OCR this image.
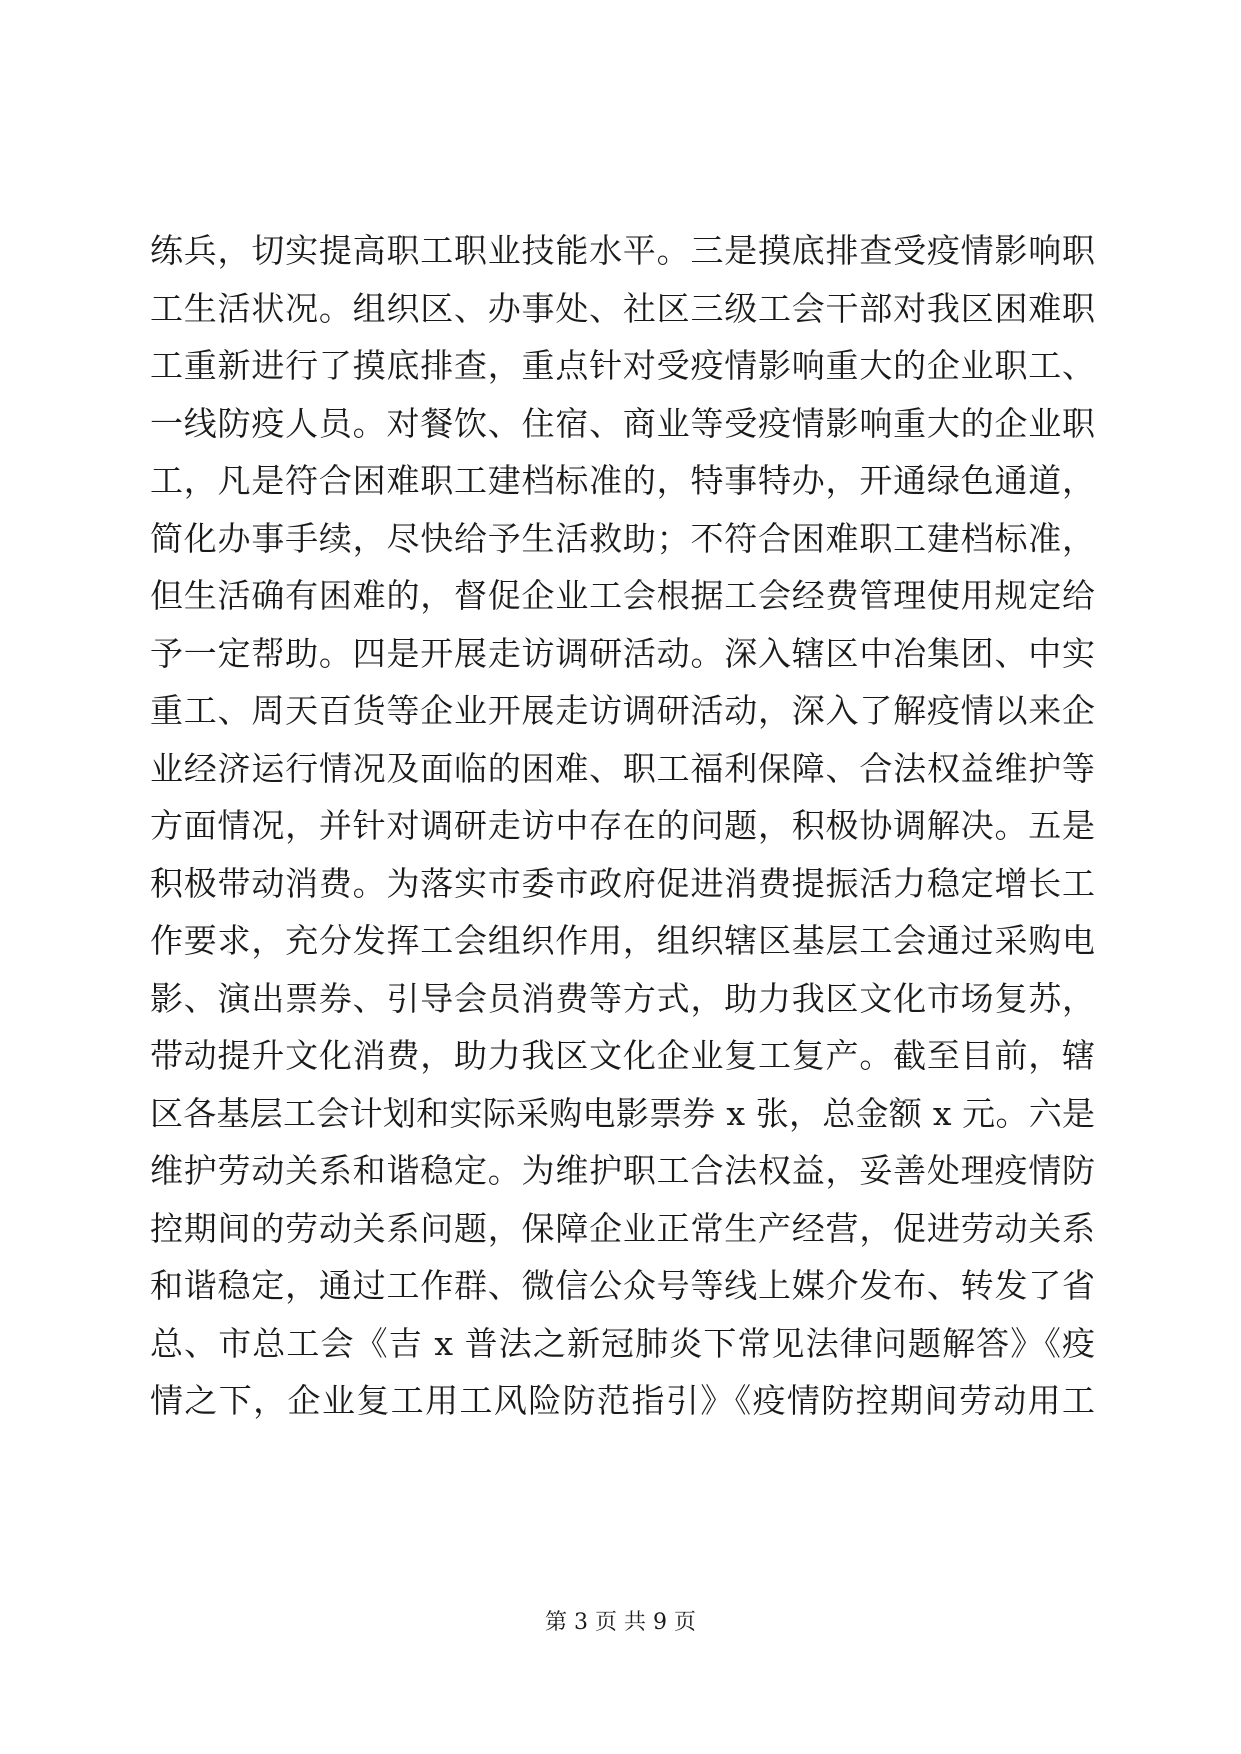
练兵，切实提高职工职业技能水平。三是摸底排查受疫情影响职
工生活状况。组织区、办事处、社区三级工会干部对我区困难职
工重新进行了摸底排查，重点针对受疫情影响重大的企业职工、
一线防疫人员。对餐饮、住宿、商业等受疫情影响重大的企业职
工，凡是符合困难职工建档标准的，特事特办，开通绿色通道，
简化办事手续，尽快给予生活救助；不符合困难职工建档标准，
但生活确有困难的，督促企业工会根据工会经费管理使用规定给
予一定帮助。四是开展走访调研活动。深入辖区中冶集团、中实
重工、周天百货等企业开展走访调研活动，深入了解疫情以来企
业经济运行情况及面临的困难、职工福利保障、合法权益维护等
方面情况，并针对调研走访中存在的问题，积极协调解决。五是
积极带动消费。为落实市委市政府促进消费提振活力稳定增长工
作要求，充分发挥工会组织作用，组织辖区基层工会通过采购电
影、演出票券、引导会员消费等方式，助力我区文化市场复苏，
带动提升文化消费，助力我区文化企业复工复产。截至目前，辖
区各基层工会计划和实际采购电影票券 x 张，总金额 x 元。六是
维护劳动关系和谐稳定。为维护职工合法权益，妥善处理疫情防
控期间的劳动关系问题，保障企业正常生产经营，促进劳动关系
和谐稳定，通过工作群、微信公众号等线上媒介发布、转发了省
总、市总工会《吉 x 普法之新冠肺炎下常见法律问题解答》《疫
情之下，企业复工用工风险防范指引》《疫情防控期间劳动用工
第 3 页 共 9 页
